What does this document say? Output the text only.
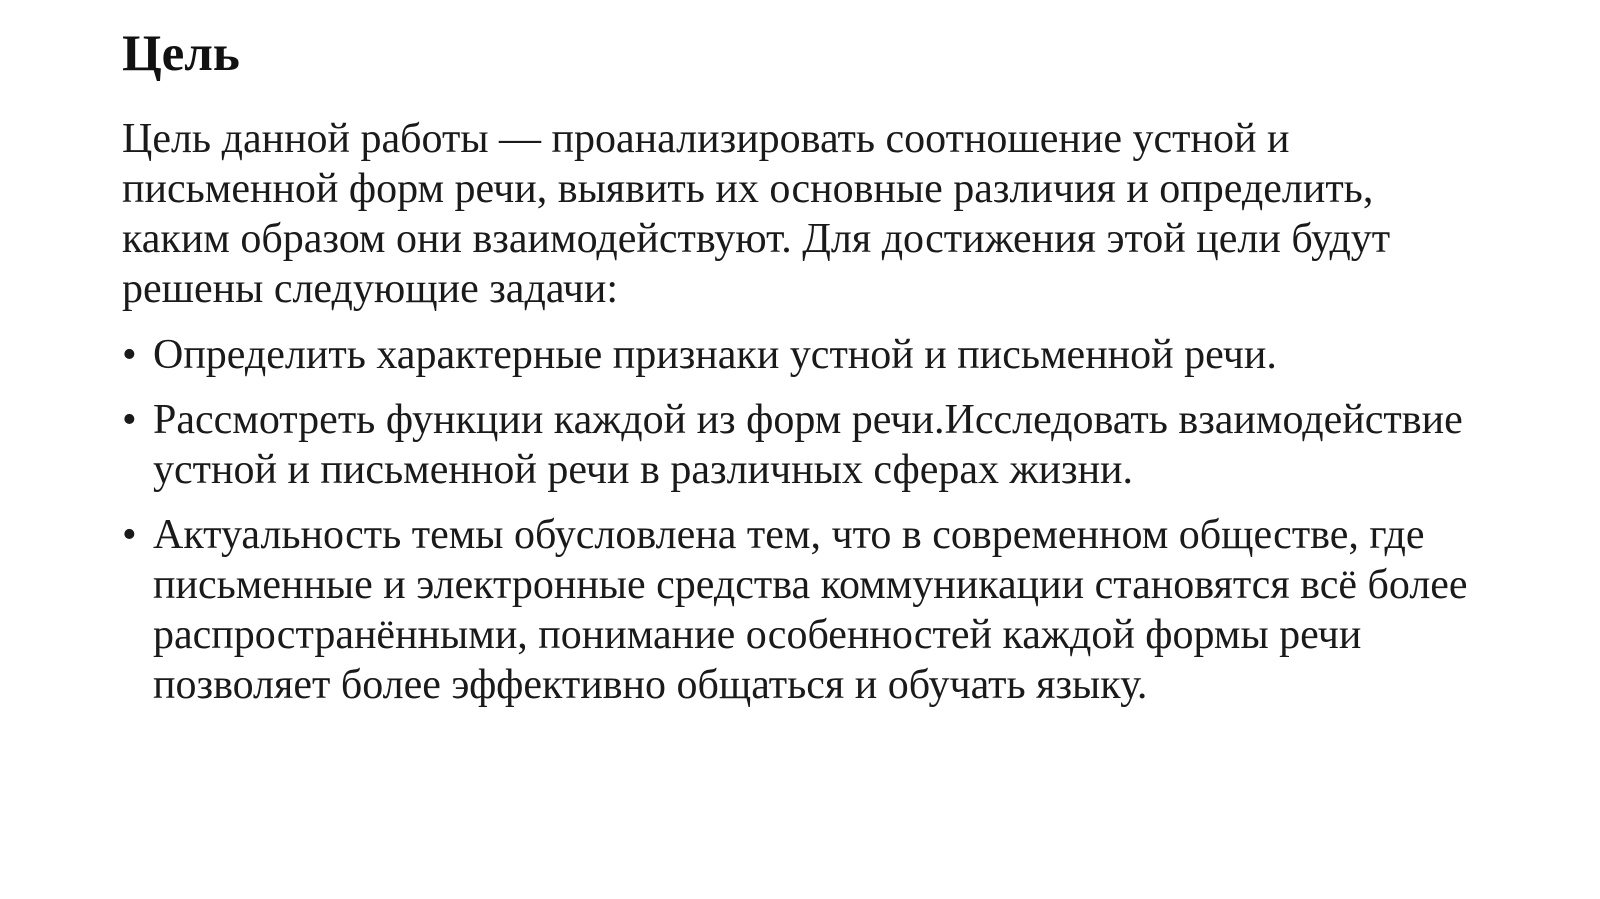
Цель

Цель данной работы — проанализировать соотношение устной и письменной форм речи, выявить их основные различия и определить, каким образом они взаимодействуют. Для достижения этой цели будут решены следующие задачи:

• Определить характерные признаки устной и письменной речи.
• Рассмотреть функции каждой из форм речи.Исследовать взаимодействие устной и письменной речи в различных сферах жизни.
• Актуальность темы обусловлена тем, что в современном обществе, где письменные и электронные средства коммуникации становятся всё более распространёнными, понимание особенностей каждой формы речи позволяет более эффективно общаться и обучать языку.
